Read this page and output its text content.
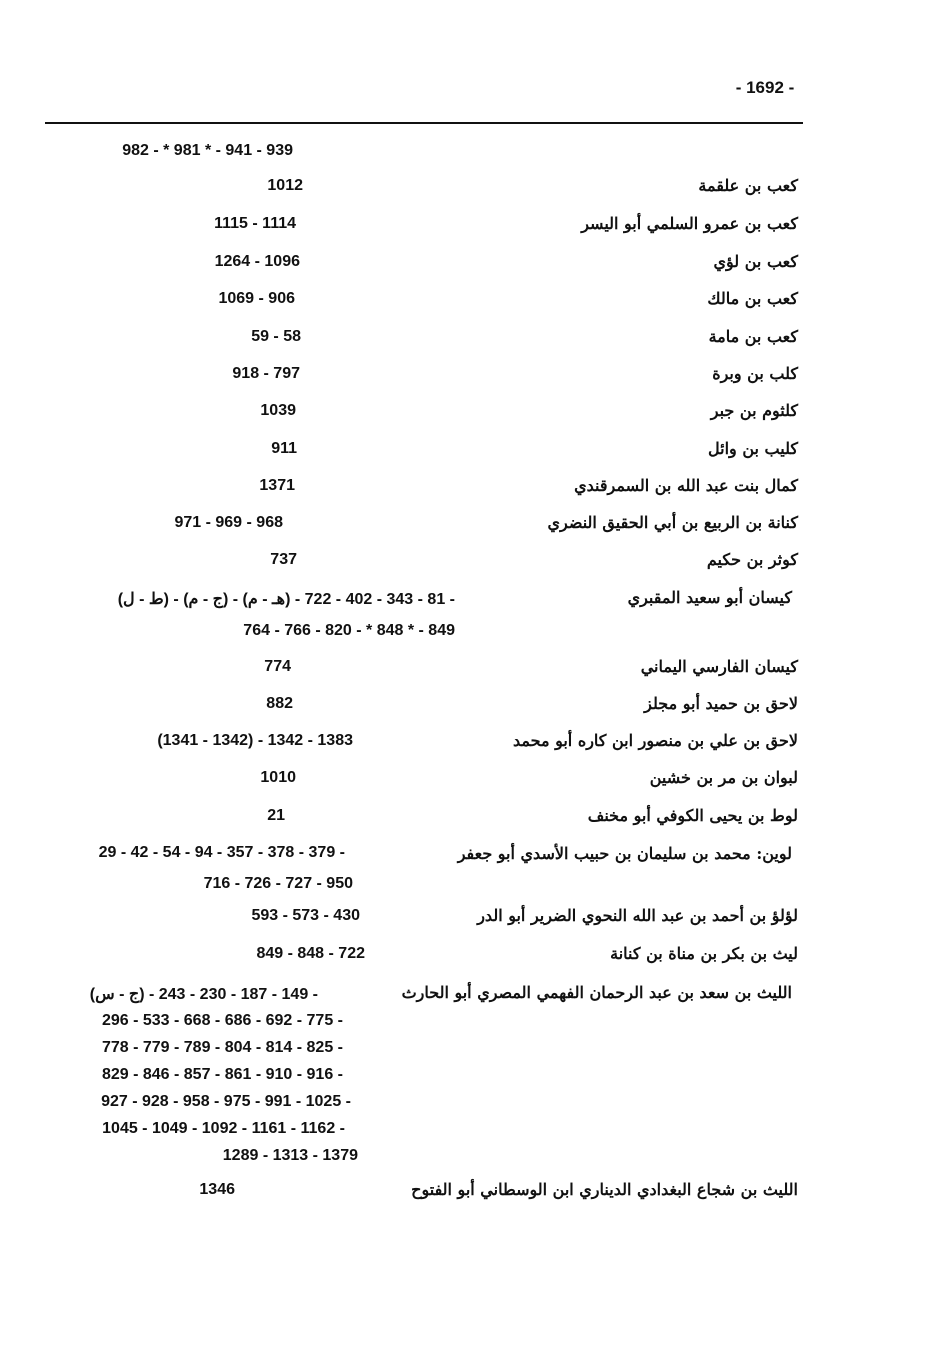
- 1692 -
982 - * 981 * - 941 - 939
كعب بن علقمة
1012
كعب بن عمرو السلمي أبو اليسر
1115 - 1114
كعب بن لؤي
1264 - 1096
كعب بن مالك
1069 - 906
كعب بن مامة
59 - 58
كلب بن وبرة
918 - 797
كلثوم بن جبر
1039
كليب بن وائل
911
كمال بنت عبد الله بن السمرقندي
1371
كنانة بن الربيع بن أبي الحقيق النضري
971 - 969 - 968
كوثر بن حكيم
737
كيسان أبو سعيد المقبري
(ط - ل) - (ج - م) - (هـ - م) - 81 - 343 - 402 - 722 -
764 - 766 - 820 - * 848 * - 849
كيسان الفارسي اليماني
774
لاحق بن حميد أبو مجلز
882
لاحق بن علي بن منصور ابن كاره أبو محمد
(1341 - 1342) - 1342 - 1383
لبوان بن مر بن خشين
1010
لوط بن يحيى الكوفي أبو مخنف
21
لوين: محمد بن سليمان بن حبيب الأسدي أبو جعفر
29 - 42 - 54 - 94 - 357 - 378 - 379 -
716 - 726 - 727 - 950
لؤلؤ بن أحمد بن عبد الله النحوي الضرير أبو الدر
593 - 573 - 430
ليث بن بكر بن مناة بن كنانة
849 - 848 - 722
الليث بن سعد بن عبد الرحمان الفهمي المصري أبو الحارث
(ج - س) - 149 - 187 - 230 - 243 -
296 - 533 - 668 - 686 - 692 - 775 -
778 - 779 - 789 - 804 - 814 - 825 -
829 - 846 - 857 - 861 - 910 - 916 -
927 - 928 - 958 - 975 - 991 - 1025 -
1045 - 1049 - 1092 - 1161 - 1162 -
1289 - 1313 - 1379
الليث بن شجاع البغدادي الديناري ابن الوسطاني أبو الفتوح
1346
